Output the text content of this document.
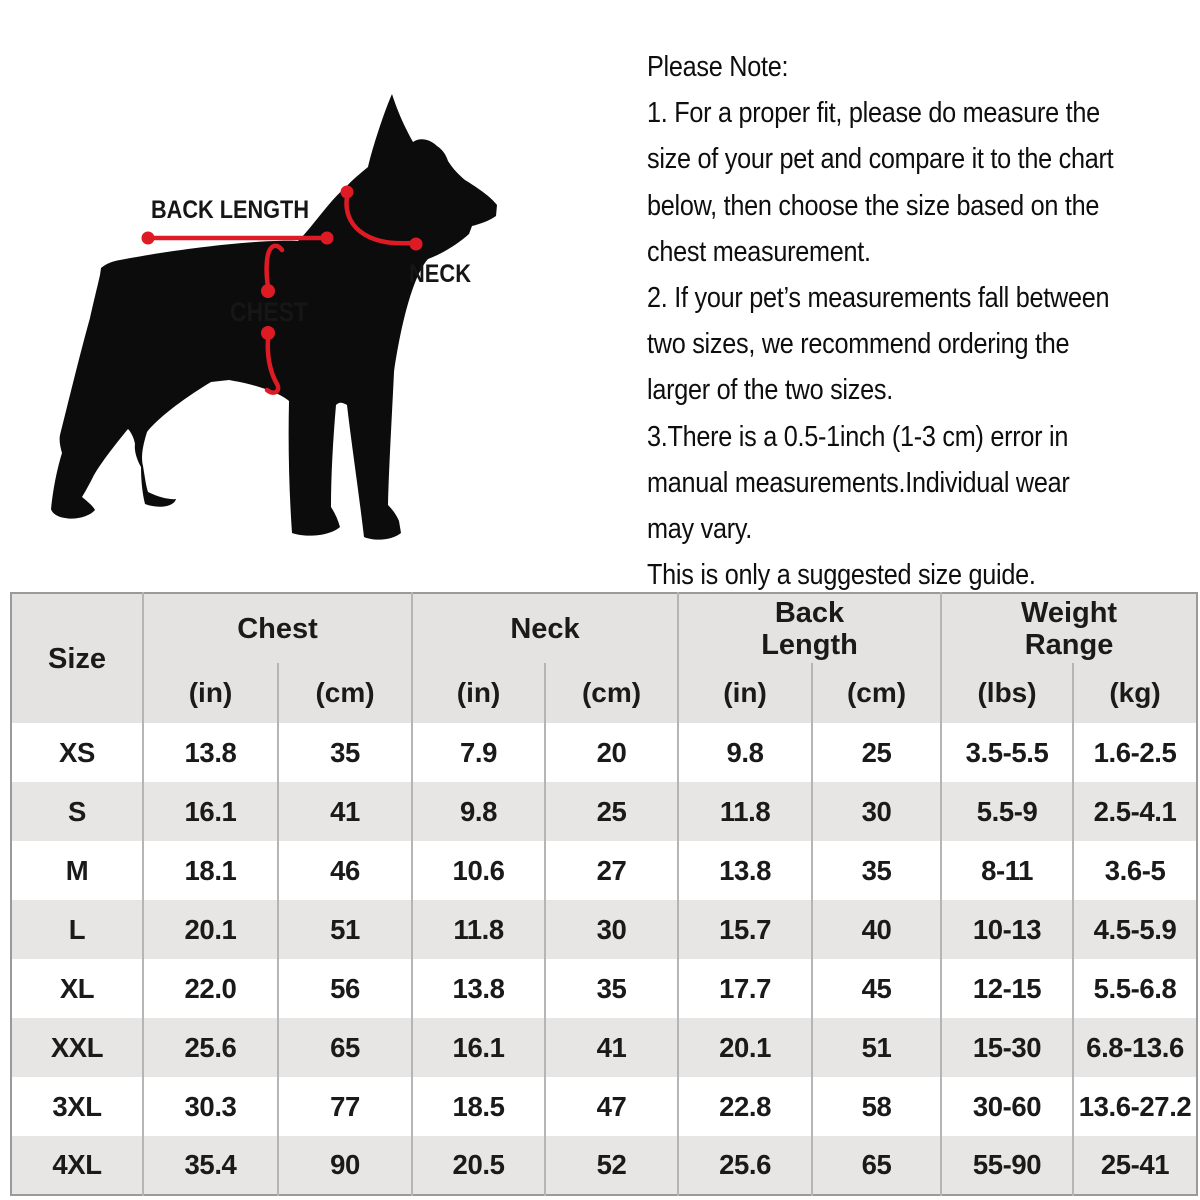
BACK LENGTH
NECK
CHEST
Please Note:
1. For a proper fit, please do measure the
size of your pet and compare it to the chart
below, then choose the size based on the
chest measurement.
2. If your pet’s measurements fall between
two sizes, we recommend ordering the
larger of the two sizes.
3.There is a 0.5-1inch (1-3 cm) error in
manual measurements.Individual wear
may vary.
This is only a suggested size guide.
Size	Chest		Neck		Back Length		Weight Range	
	(in)	(cm)	(in)	(cm)	(in)	(cm)	(lbs)	(kg)
XS	13.8	35	7.9	20	9.8	25	3.5-5.5	1.6-2.5
S	16.1	41	9.8	25	11.8	30	5.5-9	2.5-4.1
M	18.1	46	10.6	27	13.8	35	8-11	3.6-5
L	20.1	51	11.8	30	15.7	40	10-13	4.5-5.9
XL	22.0	56	13.8	35	17.7	45	12-15	5.5-6.8
XXL	25.6	65	16.1	41	20.1	51	15-30	6.8-13.6
3XL	30.3	77	18.5	47	22.8	58	30-60	13.6-27.2
4XL	35.4	90	20.5	52	25.6	65	55-90	25-41
